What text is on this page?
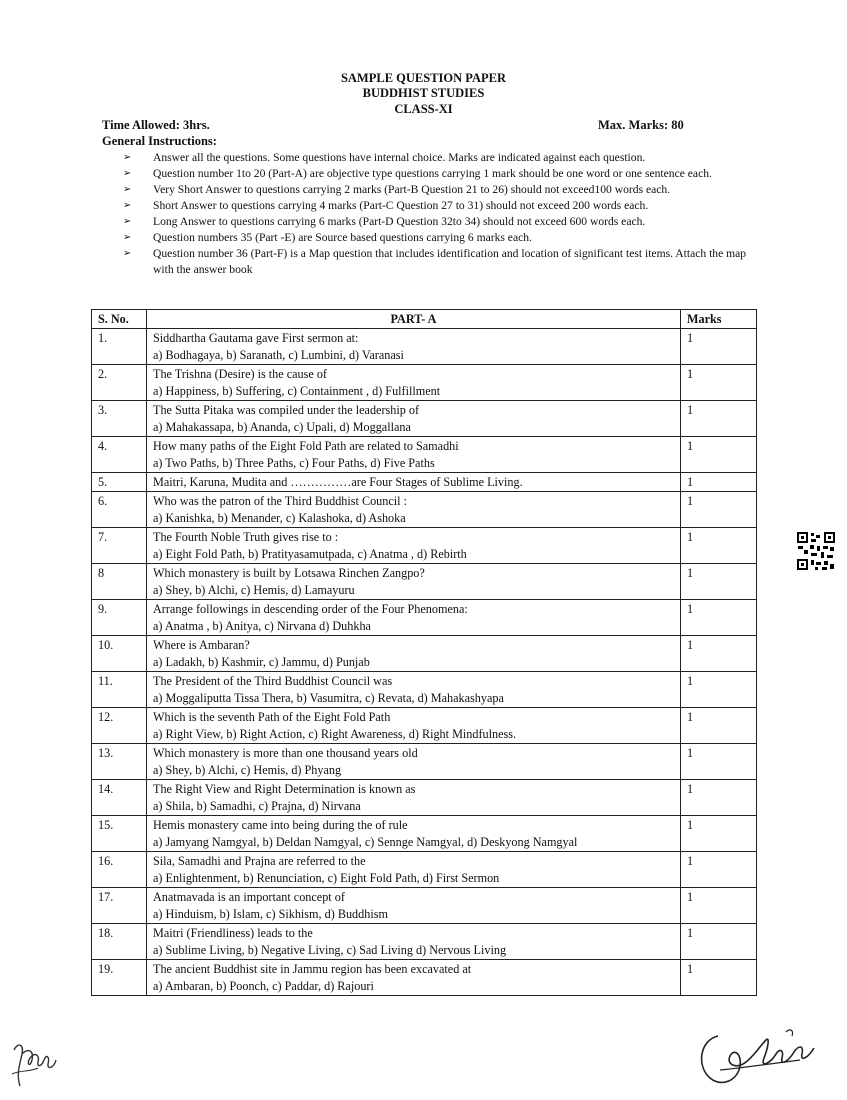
SAMPLE QUESTION PAPER
BUDDHIST STUDIES
CLASS-XI
Time Allowed: 3hrs.	Max. Marks: 80
General Instructions:
➢ Answer all the questions. Some questions have internal choice. Marks are indicated against each question.
➢ Question number 1to 20 (Part-A) are objective type questions carrying 1 mark should be one word or one sentence each.
➢ Very Short Answer to questions carrying 2 marks (Part-B Question 21 to 26) should not exceed100 words each.
➢ Short Answer to questions carrying 4 marks (Part-C Question 27 to 31) should not exceed 200 words each.
➢ Long Answer to questions carrying 6 marks (Part-D Question 32to 34) should not exceed 600 words each.
➢ Question numbers 35 (Part -E) are Source based questions carrying 6 marks each.
➢ Question number 36 (Part-F) is a Map question that includes identification and location of significant test items. Attach the map with the answer book
S. No.	PART- A	Marks
1.	Siddhartha Gautama gave First sermon at:
a) Bodhagaya, b) Saranath, c) Lumbini, d) Varanasi	1
2.	The Trishna (Desire) is the cause of
a) Happiness, b) Suffering, c) Containment , d) Fulfillment	1
3.	The Sutta Pitaka was compiled under the leadership of
a) Mahakassapa, b) Ananda, c) Upali, d) Moggallana	1
4.	How many paths of the Eight Fold Path are related to Samadhi
a) Two Paths, b) Three Paths, c) Four Paths, d) Five Paths	1
5.	Maitri, Karuna, Mudita and ……………are Four Stages of Sublime Living.	1
6.	Who was the patron of the Third Buddhist Council :
a) Kanishka, b) Menander, c) Kalashoka, d) Ashoka	1
7.	The Fourth Noble Truth gives rise to :
a) Eight Fold Path, b) Pratityasamutpada, c) Anatma , d) Rebirth	1
8	Which monastery is built by Lotsawa Rinchen Zangpo?
a) Shey, b) Alchi, c) Hemis, d) Lamayuru	1
9.	Arrange followings in descending order of the Four Phenomena:
a) Anatma , b) Anitya, c) Nirvana d) Duhkha	1
10.	Where is Ambaran?
a) Ladakh, b) Kashmir, c) Jammu, d) Punjab	1
11.	The President of the Third Buddhist Council was
a) Moggaliputta Tissa Thera, b) Vasumitra, c) Revata, d) Mahakashyapa	1
12.	Which is the seventh Path of the Eight Fold Path
a) Right View, b) Right Action, c) Right Awareness, d) Right Mindfulness.	1
13.	Which monastery is more than one thousand years old
a) Shey, b) Alchi, c) Hemis, d) Phyang	1
14.	The Right View and Right Determination is known as
a) Shila, b) Samadhi, c) Prajna, d) Nirvana	1
15.	Hemis monastery came into being during the of rule
a) Jamyang Namgyal, b) Deldan Namgyal, c) Sennge Namgyal, d) Deskyong Namgyal	1
16.	Sila, Samadhi and Prajna are referred to the
a) Enlightenment, b) Renunciation, c) Eight Fold Path, d) First Sermon	1
17.	Anatmavada is an important concept of
a) Hinduism, b) Islam, c) Sikhism, d) Buddhism	1
18.	Maitri (Friendliness) leads to the
a) Sublime Living, b) Negative Living, c) Sad Living d) Nervous Living	1
19.	The ancient Buddhist site in Jammu region has been excavated at
a) Ambaran, b) Poonch, c) Paddar, d) Rajouri	1
